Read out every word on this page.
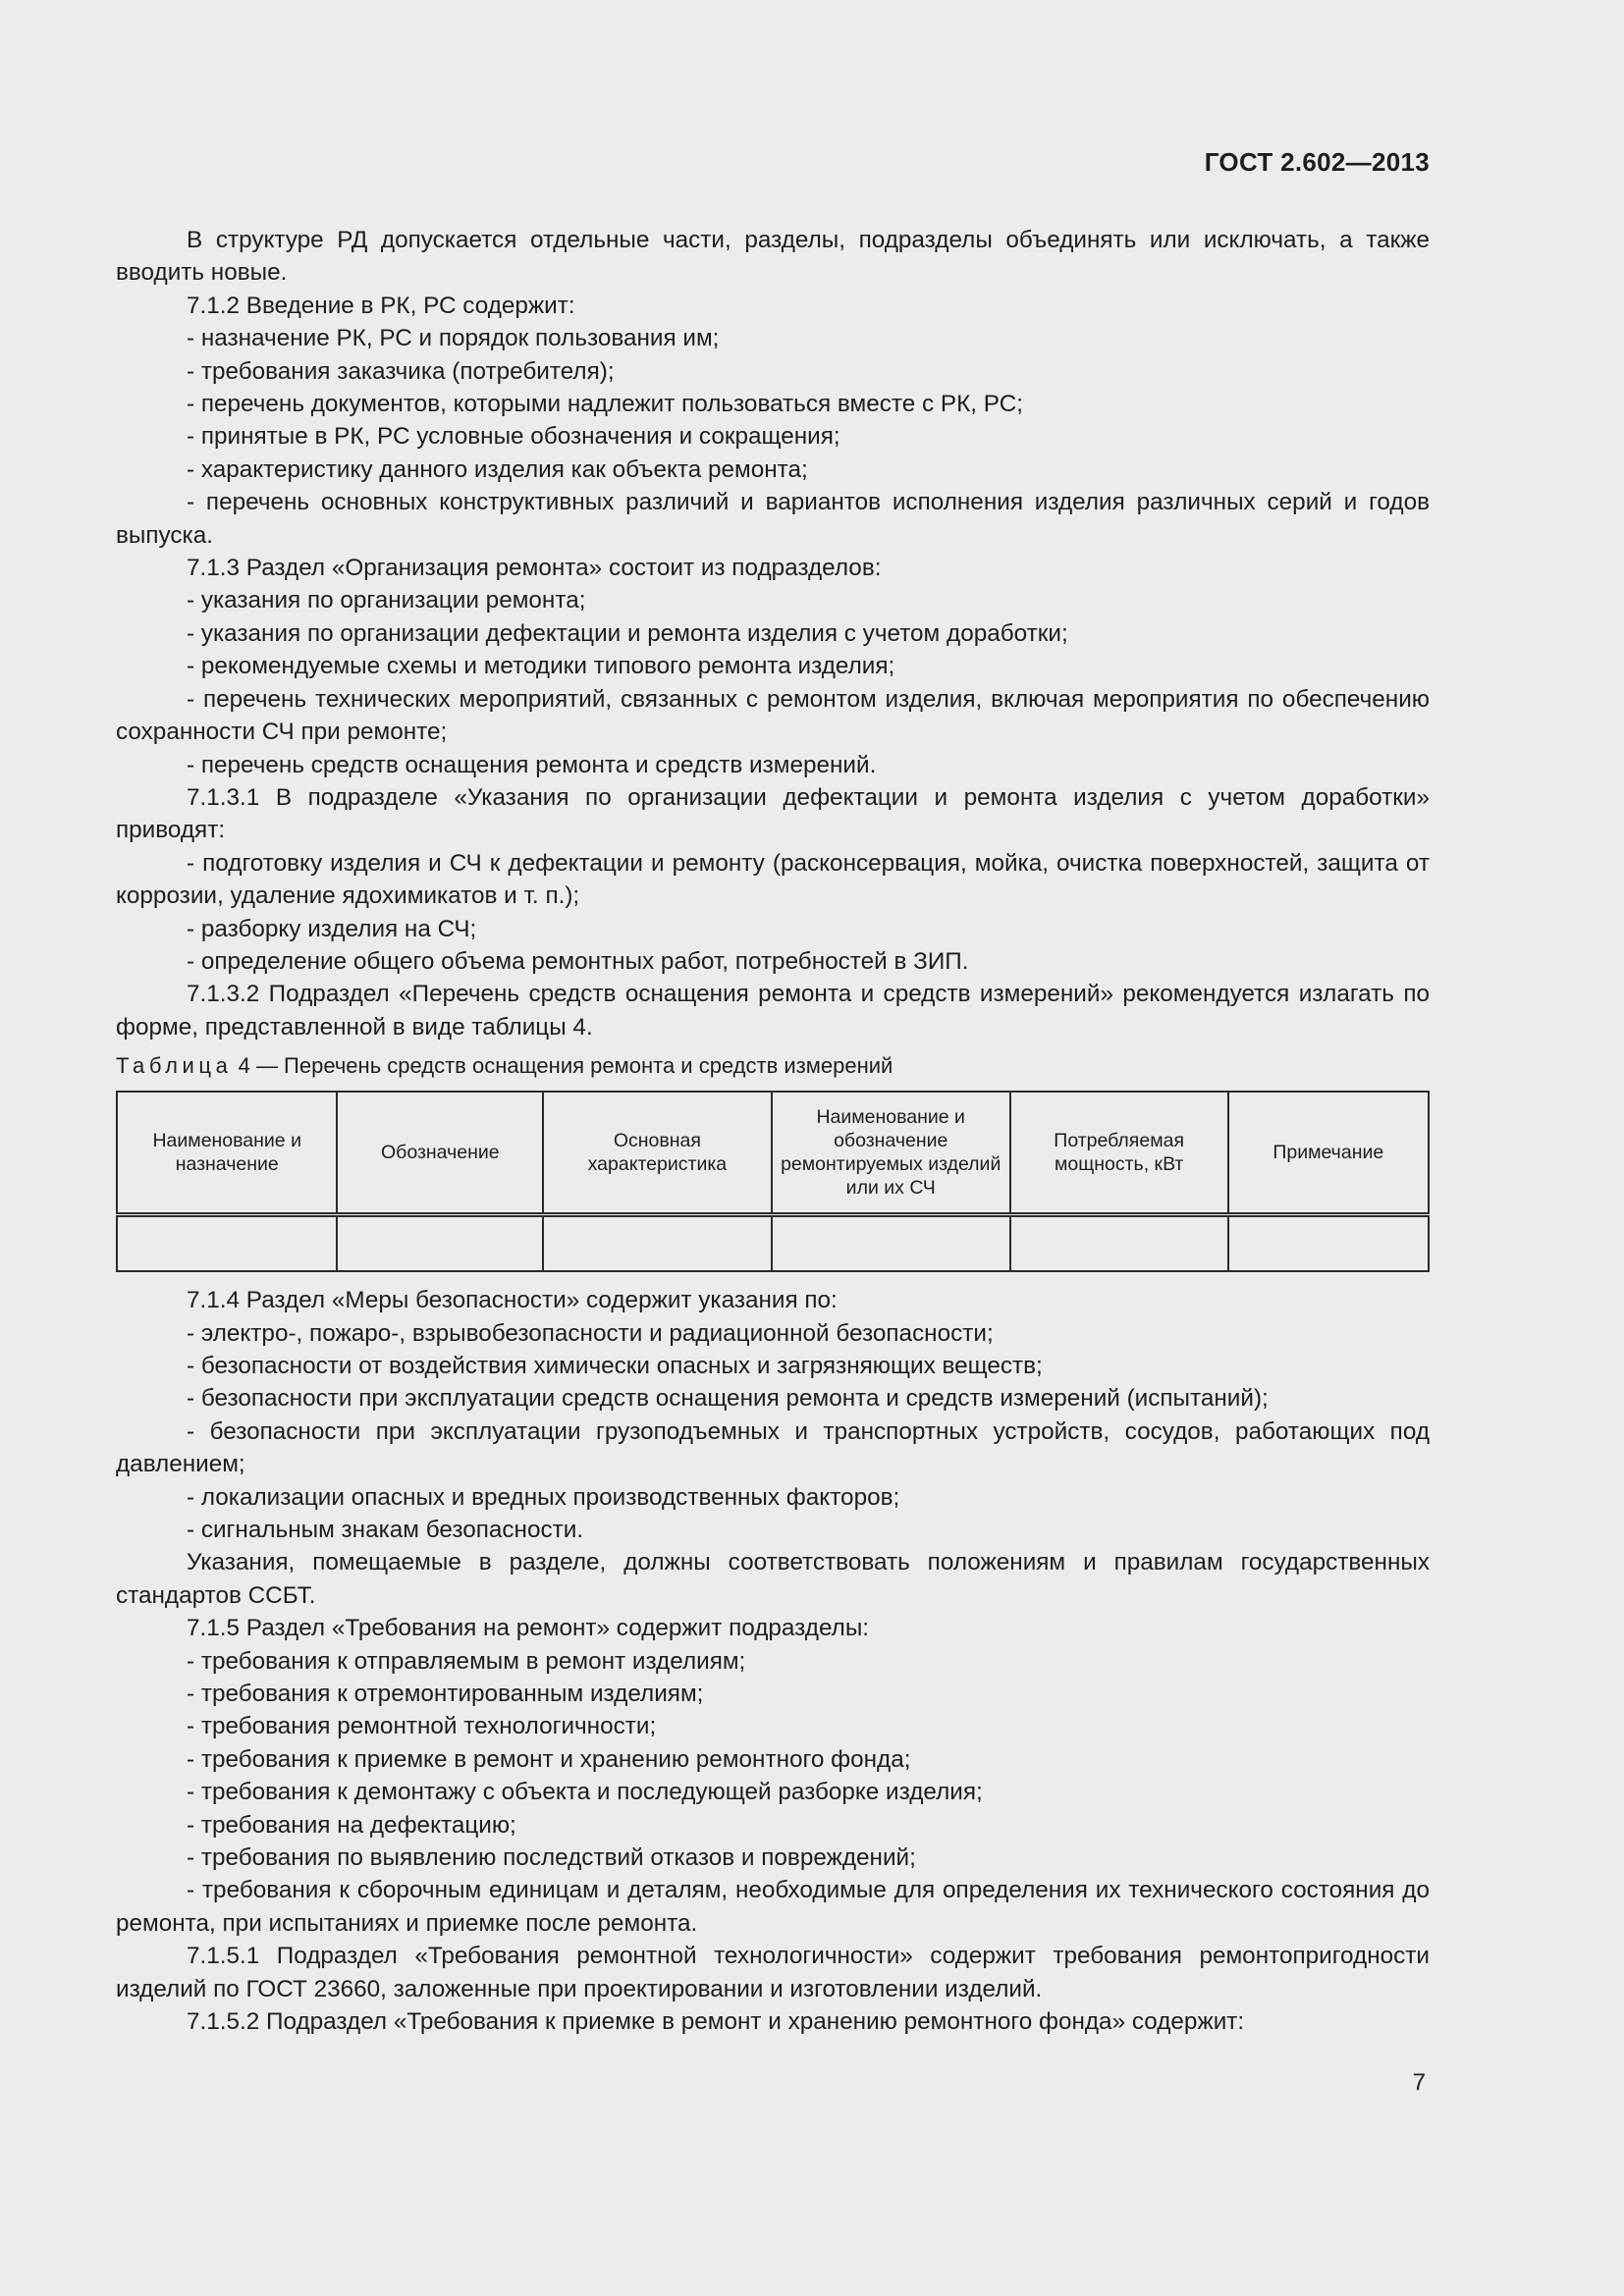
ГОСТ 2.602—2013

В структуре РД допускается отдельные части, разделы, подразделы объединять или исключать, а также вводить новые.

7.1.2 Введение в РК, РС содержит:

- назначение РК, РС и порядок пользования им;

- требования заказчика (потребителя);

- перечень документов, которыми надлежит пользоваться вместе с РК, РС;

- принятые в РК, РС условные обозначения и сокращения;

- характеристику данного изделия как объекта ремонта;

- перечень основных конструктивных различий и вариантов исполнения изделия различных серий и годов выпуска.

7.1.3 Раздел «Организация ремонта» состоит из подразделов:

- указания по организации ремонта;

- указания по организации дефектации и ремонта изделия с учетом доработки;

- рекомендуемые схемы и методики типового ремонта изделия;

- перечень технических мероприятий, связанных с ремонтом изделия, включая мероприятия по обеспечению сохранности СЧ при ремонте;

- перечень средств оснащения ремонта и средств измерений.

7.1.3.1 В подразделе «Указания по организации дефектации и ремонта изделия с учетом доработки» приводят:

- подготовку изделия и СЧ к дефектации и ремонту (расконсервация, мойка, очистка поверхностей, защита от коррозии, удаление ядохимикатов и т. п.);

- разборку изделия на СЧ;

- определение общего объема ремонтных работ, потребностей в ЗИП.

7.1.3.2 Подраздел «Перечень средств оснащения ремонта и средств измерений» рекомендуется излагать по форме, представленной в виде таблицы 4.

Таблица 4 — Перечень средств оснащения ремонта и средств измерений
Наименование и назначение	Обозначение	Основная характеристика	Наименование и обозначение ремонтируемых изделий или их СЧ	Потребляемая мощность, кВт	Примечание

7.1.4 Раздел «Меры безопасности» содержит указания по:

- электро-, пожаро-, взрывобезопасности и радиационной безопасности;

- безопасности от воздействия химически опасных и загрязняющих веществ;

- безопасности при эксплуатации средств оснащения ремонта и средств измерений (испытаний);

- безопасности при эксплуатации грузоподъемных и транспортных устройств, сосудов, работающих под давлением;

- локализации опасных и вредных производственных факторов;

- сигнальным знакам безопасности.

Указания, помещаемые в разделе, должны соответствовать положениям и правилам государственных стандартов ССБТ.

7.1.5 Раздел «Требования на ремонт» содержит подразделы:

- требования к отправляемым в ремонт изделиям;

- требования к отремонтированным изделиям;

- требования ремонтной технологичности;

- требования к приемке в ремонт и хранению ремонтного фонда;

- требования к демонтажу с объекта и последующей разборке изделия;

- требования на дефектацию;

- требования по выявлению последствий отказов и повреждений;

- требования к сборочным единицам и деталям, необходимые для определения их технического состояния до ремонта, при испытаниях и приемке после ремонта.

7.1.5.1 Подраздел «Требования ремонтной технологичности» содержит требования ремонтопригодности изделий по ГОСТ 23660, заложенные при проектировании и изготовлении изделий.

7.1.5.2 Подраздел «Требования к приемке в ремонт и хранению ремонтного фонда» содержит:

7
